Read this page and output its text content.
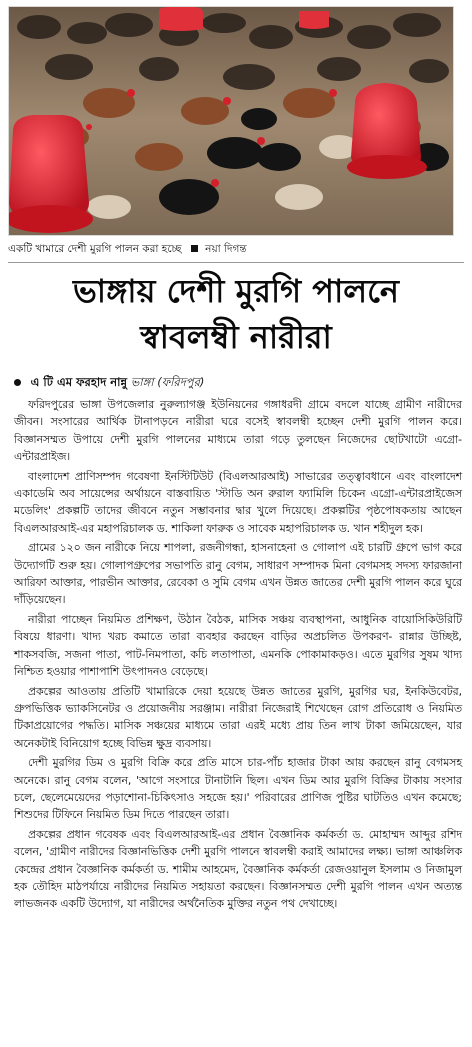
একটি খামারে দেশী মুরগি পালন করা হচ্ছে নয়া দিগন্ত
ভাঙ্গায় দেশী মুরগি পালনে
স্বাবলম্বী নারীরা
এ টি এম ফরহাদ নান্নু ভাঙ্গা (ফরিদপুর)

ফরিদপুরের ভাঙ্গা উপজেলার নুরুল্যাগঞ্জ ইউনিয়নের গঙ্গাধরদী গ্রামে বদলে যাচ্ছে গ্রামীণ নারীদের জীবন। সংসারের আর্থিক টানাপড়নে নারীরা ঘরে বসেই স্বাবলম্বী হচ্ছেন দেশী মুরগি পালন করে। বিজ্ঞানসম্মত উপায়ে দেশী মুরগি পালনের মাধ্যমে তারা গড়ে তুলছেন নিজেদের ছোটখাটো এগ্রো-এন্টারপ্রাইজ।

বাংলাদেশ প্রাণিসম্পদ গবেষণা ইনস্টিটিউট (বিএলআরআই) সাভারের তত্ত্বাবধানে এবং বাংলাদেশ একাডেমি অব সায়েন্সের অর্থায়নে বাস্তবায়িত 'স্টাডি অন রুরাল ফ্যামিলি চিকেন এগ্রো-এন্টারপ্রাইজেস মডেলিং' প্রকল্পটি তাদের জীবনে নতুন সম্ভাবনার দ্বার খুলে দিয়েছে। প্রকল্পটির পৃষ্ঠপোষকতায় আছেন বিএলআরআই-এর মহাপরিচালক ড. শাকিলা ফারুক ও সাবেক মহাপরিচালক ড. খান শহীদুল হক।

গ্রামের ১২০ জন নারীকে নিয়ে শাপলা, রজনীগন্ধা, হাসনাহেনা ও গোলাপ এই চারটি গ্রুপে ভাগ করে উদ্যোগটি শুরু হয়। গোলাপগ্রুপের সভাপতি রানু বেগম, সাধারণ সম্পাদক মিনা বেগমসহ সদস্য ফারজানা আরিফা আক্তার, পারভীন আক্তার, রেবেকা ও সুমি বেগম এখন উন্নত জাতের দেশী মুরগি পালন করে ঘুরে দাঁড়িয়েছেন।

নারীরা পাচ্ছেন নিয়মিত প্রশিক্ষণ, উঠান বৈঠক, মাসিক সঞ্চয় ব্যবস্থাপনা, আধুনিক বায়োসিকিউরিটি বিষয়ে ধারণা। খাদ্য খরচ কমাতে তারা ব্যবহার করছেন বাড়ির অপ্রচলিত উপকরণ- রান্নার উচ্ছিষ্ট, শাকসবজি, সজনা পাতা, পাট-নিমপাতা, কচি লতাপাতা, এমনকি পোকামাকড়ও। এতে মুরগির সুষম খাদ্য নিশ্চিত হওয়ার পাশাপাশি উৎপাদনও বেড়েছে।

প্রকল্পের আওতায় প্রতিটি খামারিকে দেয়া হয়েছে উন্নত জাতের মুরগি, মুরগির ঘর, ইনকিউবেটর, গ্রুপভিত্তিক ভ্যাকসিনেটর ও প্রয়োজনীয় সরঞ্জাম। নারীরা নিজেরাই শিখেছেন রোগ প্রতিরোধ ও নিয়মিত টিকাপ্রয়োগের পদ্ধতি। মাসিক সঞ্চয়ের মাধ্যমে তারা এরই মধ্যে প্রায় তিন লাখ টাকা জমিয়েছেন, যার অনেকটাই বিনিয়োগ হচ্ছে বিভিন্ন ক্ষুদ্র ব্যবসায়।

দেশী মুরগির ডিম ও মুরগি বিক্রি করে প্রতি মাসে চার-পাঁচ হাজার টাকা আয় করছেন রানু বেগমসহ অনেকে। রানু বেগম বলেন, 'আগে সংসারে টানাটানি ছিল। এখন ডিম আর মুরগি বিক্রির টাকায় সংসার চলে, ছেলেমেয়েদের পড়াশোনা-চিকিৎসাও সহজে হয়।' পরিবারের প্রাণিজ পুষ্টির ঘাটতিও এখন কমেছে; শিশুদের টিফিনে নিয়মিত ডিম দিতে পারছেন তারা।

প্রকল্পের প্রধান গবেষক এবং বিএলআরআই-এর প্রধান বৈজ্ঞানিক কর্মকর্তা ড. মোহাম্মদ আব্দুর রশিদ বলেন, 'গ্রামীণ নারীদের বিজ্ঞানভিত্তিক দেশী মুরগি পালনে স্বাবলম্বী করাই আমাদের লক্ষ্য। ভাঙ্গা আঞ্চলিক কেন্দ্রের প্রধান বৈজ্ঞানিক কর্মকর্তা ড. শামীম আহমেদ, বৈজ্ঞানিক কর্মকর্তা রেজওয়ানুল ইসলাম ও নিজামুল হক তৌহিদ মাঠপর্যায়ে নারীদের নিয়মিত সহায়তা করছেন। বিজ্ঞানসম্মত দেশী মুরগি পালন এখন অত্যন্ত লাভজনক একটি উদ্যোগ, যা নারীদের অর্থনৈতিক মুক্তির নতুন পথ দেখাচ্ছে।
